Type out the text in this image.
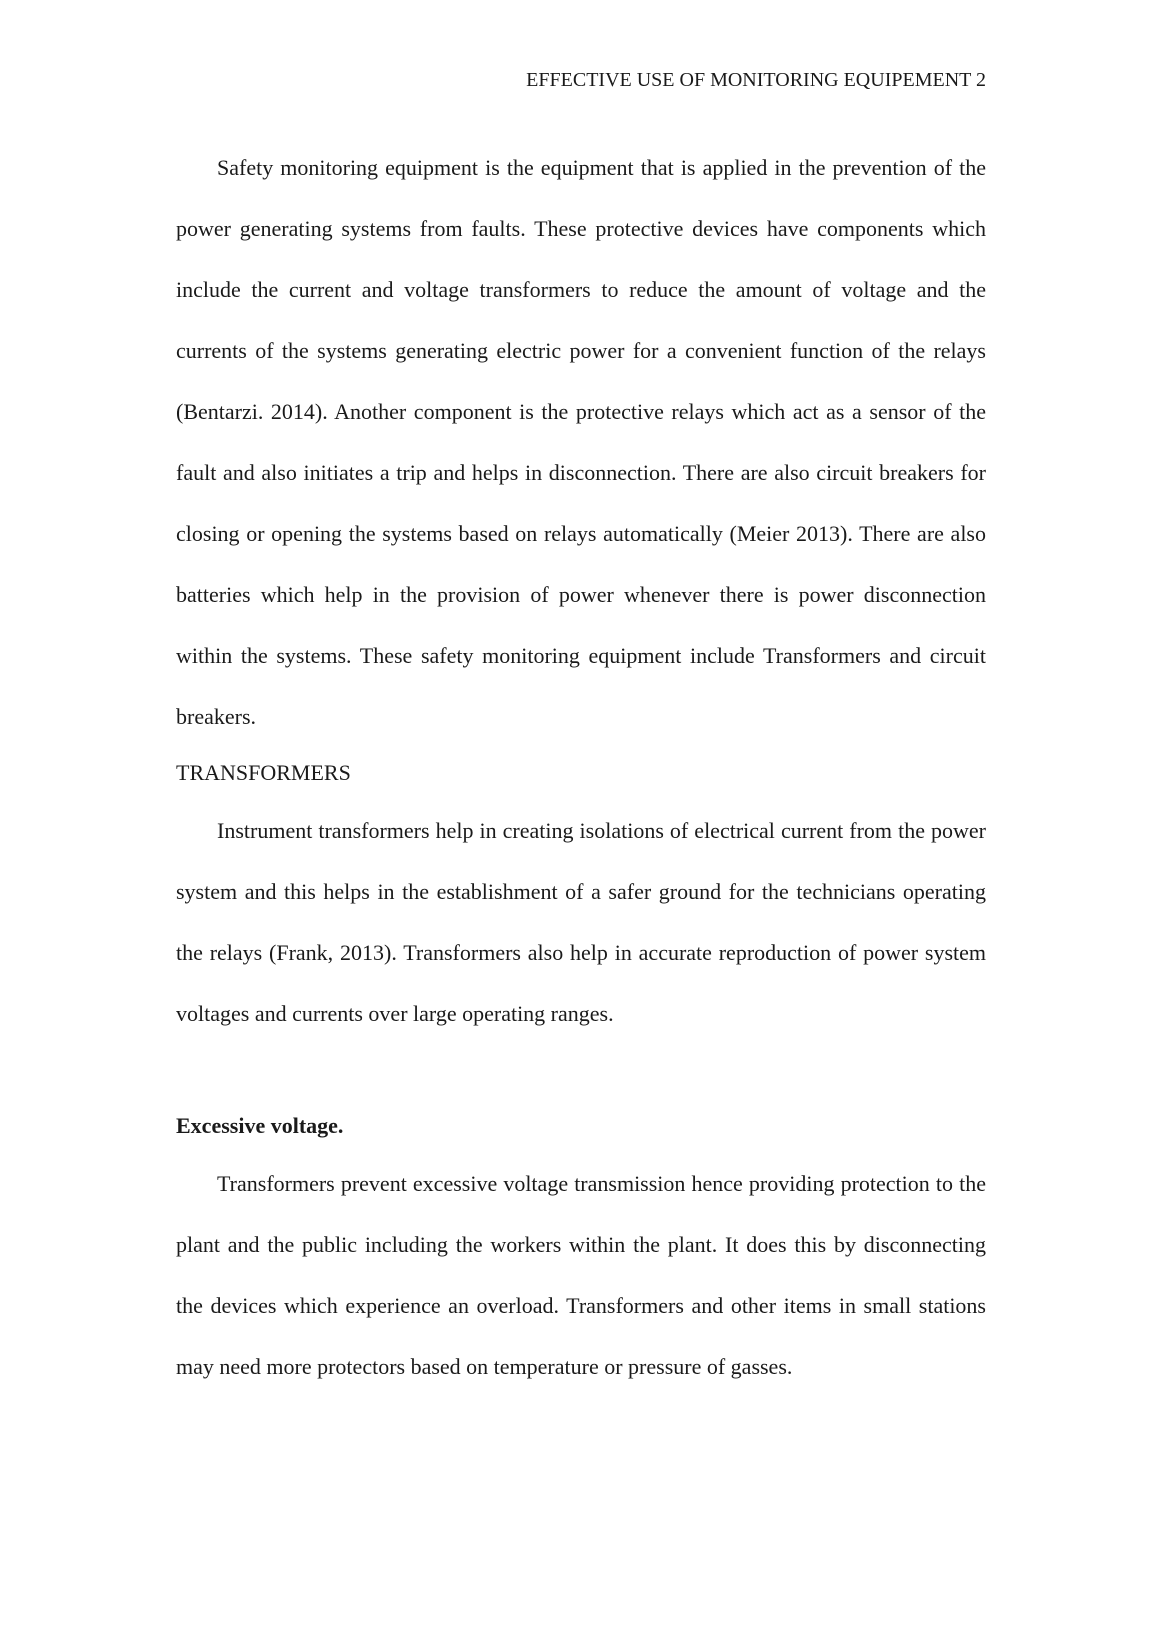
EFFECTIVE USE OF MONITORING EQUIPEMENT 2

Safety monitoring equipment is the equipment that is applied in the prevention of the power generating systems from faults. These protective devices have components which include the current and voltage transformers to reduce the amount of voltage and the currents of the systems generating electric power for a convenient function of the relays (Bentarzi. 2014). Another component is the protective relays which act as a sensor of the fault and also initiates a trip and helps in disconnection. There are also circuit breakers for closing or opening the systems based on relays automatically (Meier 2013). There are also batteries which help in the provision of power whenever there is power disconnection within the systems. These safety monitoring equipment include Transformers and circuit breakers.

TRANSFORMERS

Instrument transformers help in creating isolations of electrical current from the power system and this helps in the establishment of a safer ground for the technicians operating the relays (Frank, 2013). Transformers also help in accurate reproduction of power system voltages and currents over large operating ranges.

Excessive voltage.

Transformers prevent excessive voltage transmission hence providing protection to the plant and the public including the workers within the plant. It does this by disconnecting the devices which experience an overload. Transformers and other items in small stations may need more protectors based on temperature or pressure of gasses.
